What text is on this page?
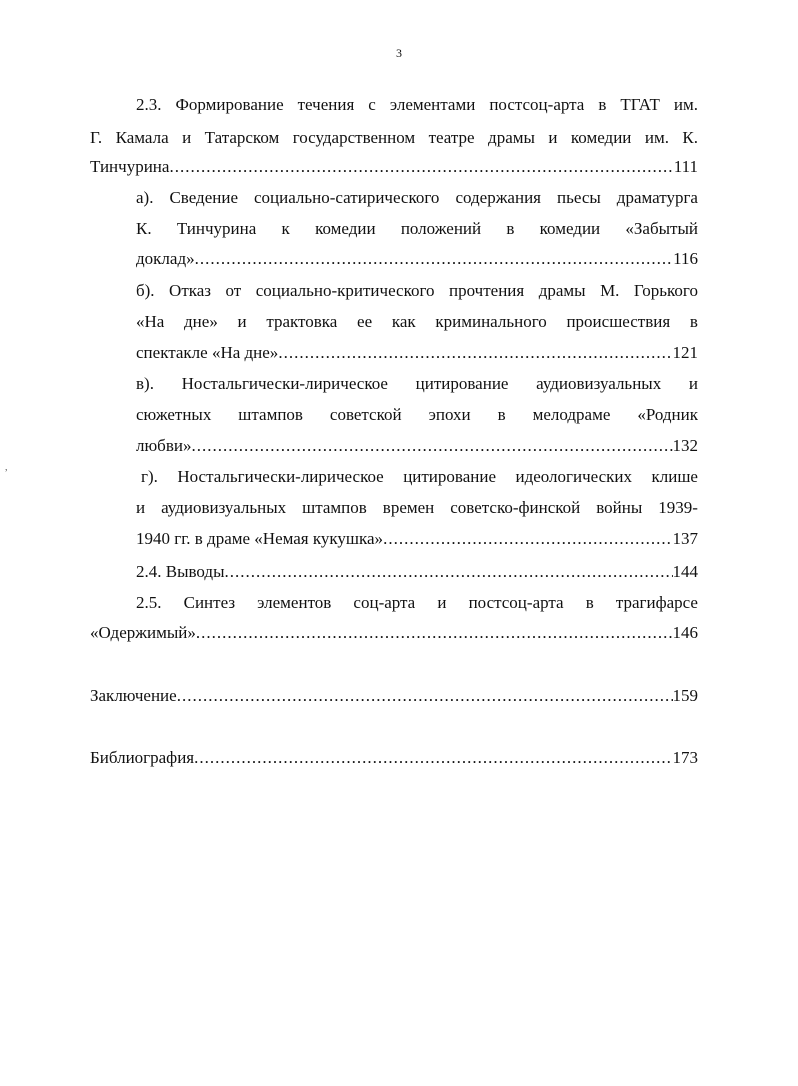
3
,
2.3. Формирование течения с элементами постсоц-арта в ТГАТ им.
Г. Камала и Татарском государственном театре драмы и комедии им. К.
Тинчурина .....	111
а). Сведение социально-сатирического содержания пьесы драматурга
К. Тинчурина к комедии положений в комедии «Забытый
доклад» .....	116
б). Отказ от социально-критического прочтения драмы М. Горького
«На дне» и трактовка ее как криминального происшествия в
спектакле «На дне» .....	121
в). Ностальгически-лирическое цитирование аудиовизуальных и
сюжетных штампов советской эпохи в мелодраме «Родник
любви» .....	132
г). Ностальгически-лирическое цитирование идеологических клише
и аудиовизуальных штампов времен советско-финской войны 1939-
1940 гг. в драме «Немая кукушка» .....	137
2.4. Выводы .....	144
2.5. Синтез элементов соц-арта и постсоц-арта в трагифарсе
«Одержимый» .....	146
Заключение .....	159
Библиография .....	173
